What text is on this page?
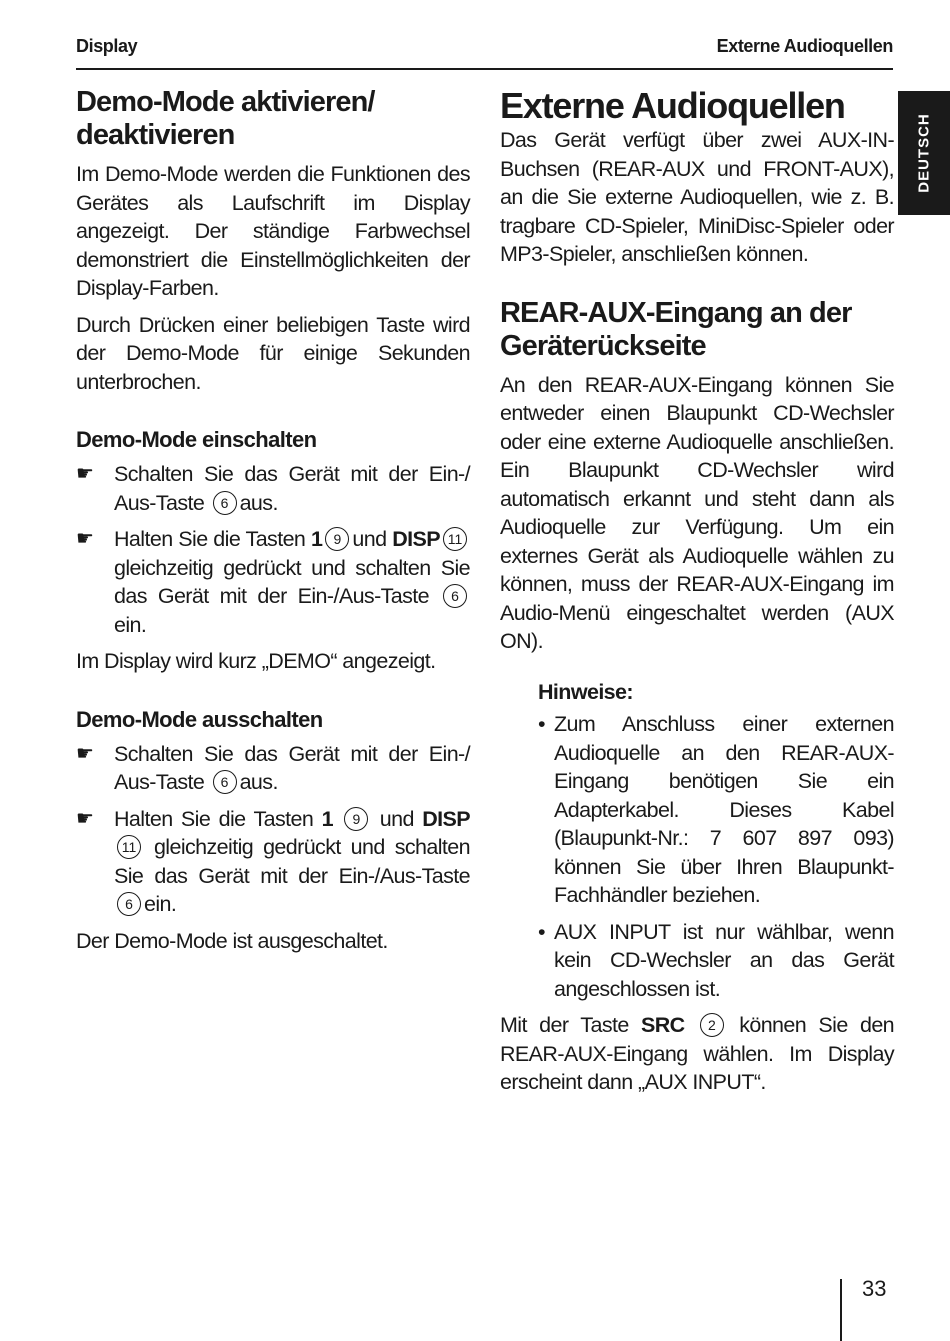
Display	Externe Audioquellen
DEUTSCH
Demo-Mode aktivieren/ deaktivieren

Im Demo-Mode werden die Funktionen des Gerätes als Laufschrift im Display angezeigt. Der ständige Farbwechsel demonstriert die Einstellmöglichkeiten der Display-Farben.

Durch Drücken einer beliebigen Taste wird der Demo-Mode für einige Sekunden unterbrochen.

Demo-Mode einschalten
☛ Schalten Sie das Gerät mit der Ein-/ Aus-Taste 6 aus.
☛ Halten Sie die Tasten 1 9 und DISP 11 gleichzeitig gedrückt und schalten Sie das Gerät mit der Ein-/Aus-Taste 6 ein.

Im Display wird kurz „DEMO“ angezeigt.

Demo-Mode ausschalten
☛ Schalten Sie das Gerät mit der Ein-/ Aus-Taste 6 aus.
☛ Halten Sie die Tasten 1 9 und DISP 11 gleichzeitig gedrückt und schalten Sie das Gerät mit der Ein-/Aus-Taste 6 ein.

Der Demo-Mode ist ausgeschaltet.

Externe Audioquellen

Das Gerät verfügt über zwei AUX-IN-Buchsen (REAR-AUX und FRONT-AUX), an die Sie externe Audioquellen, wie z. B. tragbare CD-Spieler, MiniDisc-Spieler oder MP3-Spieler, anschließen können.

REAR-AUX-Eingang an der Geräterückseite

An den REAR-AUX-Eingang können Sie entweder einen Blaupunkt CD-Wechsler oder eine externe Audioquelle anschließen. Ein Blaupunkt CD-Wechsler wird automatisch erkannt und steht dann als Audioquelle zur Verfügung. Um ein externes Gerät als Audioquelle wählen zu können, muss der REAR-AUX-Eingang im Audio-Menü eingeschaltet werden (AUX ON).

Hinweise:
• Zum Anschluss einer externen Audioquelle an den REAR-AUX-Eingang benötigen Sie ein Adapterkabel. Dieses Kabel (Blaupunkt-Nr.: 7 607 897 093) können Sie über Ihren Blaupunkt-Fachhändler beziehen.
• AUX INPUT ist nur wählbar, wenn kein CD-Wechsler an das Gerät angeschlossen ist.

Mit der Taste SRC 2 können Sie den REAR-AUX-Eingang wählen. Im Display erscheint dann „AUX INPUT“.

33
